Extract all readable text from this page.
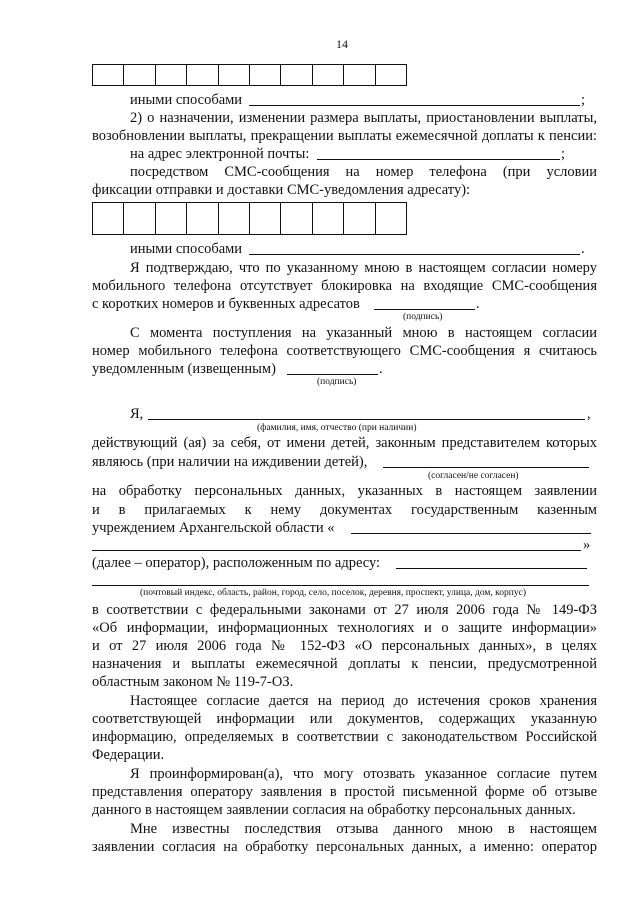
14
иными способами	;
2) о назначении, изменении размера выплаты, приостановлении выплаты,
возобновлении выплаты, прекращении выплаты ежемесячной доплаты к пенсии:
на адрес электронной почты:	;
посредством СМС-сообщения на номер телефона (при условии
фиксации отправки и доставки СМС-уведомления адресату):
иными способами	.
Я подтверждаю, что по указанному мною в настоящем согласии номеру
мобильного телефона отсутствует блокировка на входящие СМС-сообщения
с коротких номеров и буквенных адресатов	.
(подпись)
С момента поступления на указанный мною в настоящем согласии
номер мобильного телефона соответствующего СМС-сообщения я считаюсь
уведомленным (извещенным)	.
(подпись)
Я,	,
(фамилия, имя, отчество (при наличии)
действующий (ая) за себя, от имени детей, законным представителем которых
являюсь (при наличии на иждивении детей),
(согласен/не согласен)
на обработку персональных данных, указанных в настоящем заявлении
и в прилагаемых к нему документах государственным казенным
учреждением Архангельской области «
»
(далее – оператор), расположенным по адресу:
(почтовый индекс, область, район, город, село, поселок, деревня, проспект, улица, дом, корпус)
в соответствии с федеральными законами от 27 июля 2006 года № 149-ФЗ
«Об информации, информационных технологиях и о защите информации»
и от 27 июля 2006 года № 152-ФЗ «О персональных данных», в целях
назначения и выплаты ежемесячной доплаты к пенсии, предусмотренной
областным законом № 119-7-ОЗ.
Настоящее согласие дается на период до истечения сроков хранения
соответствующей информации или документов, содержащих указанную
информацию, определяемых в соответствии с законодательством Российской
Федерации.
Я проинформирован(а), что могу отозвать указанное согласие путем
представления оператору заявления в простой письменной форме об отзыве
данного в настоящем заявлении согласия на обработку персональных данных.
Мне известны последствия отзыва данного мною в настоящем
заявлении согласия на обработку персональных данных, а именно: оператор
